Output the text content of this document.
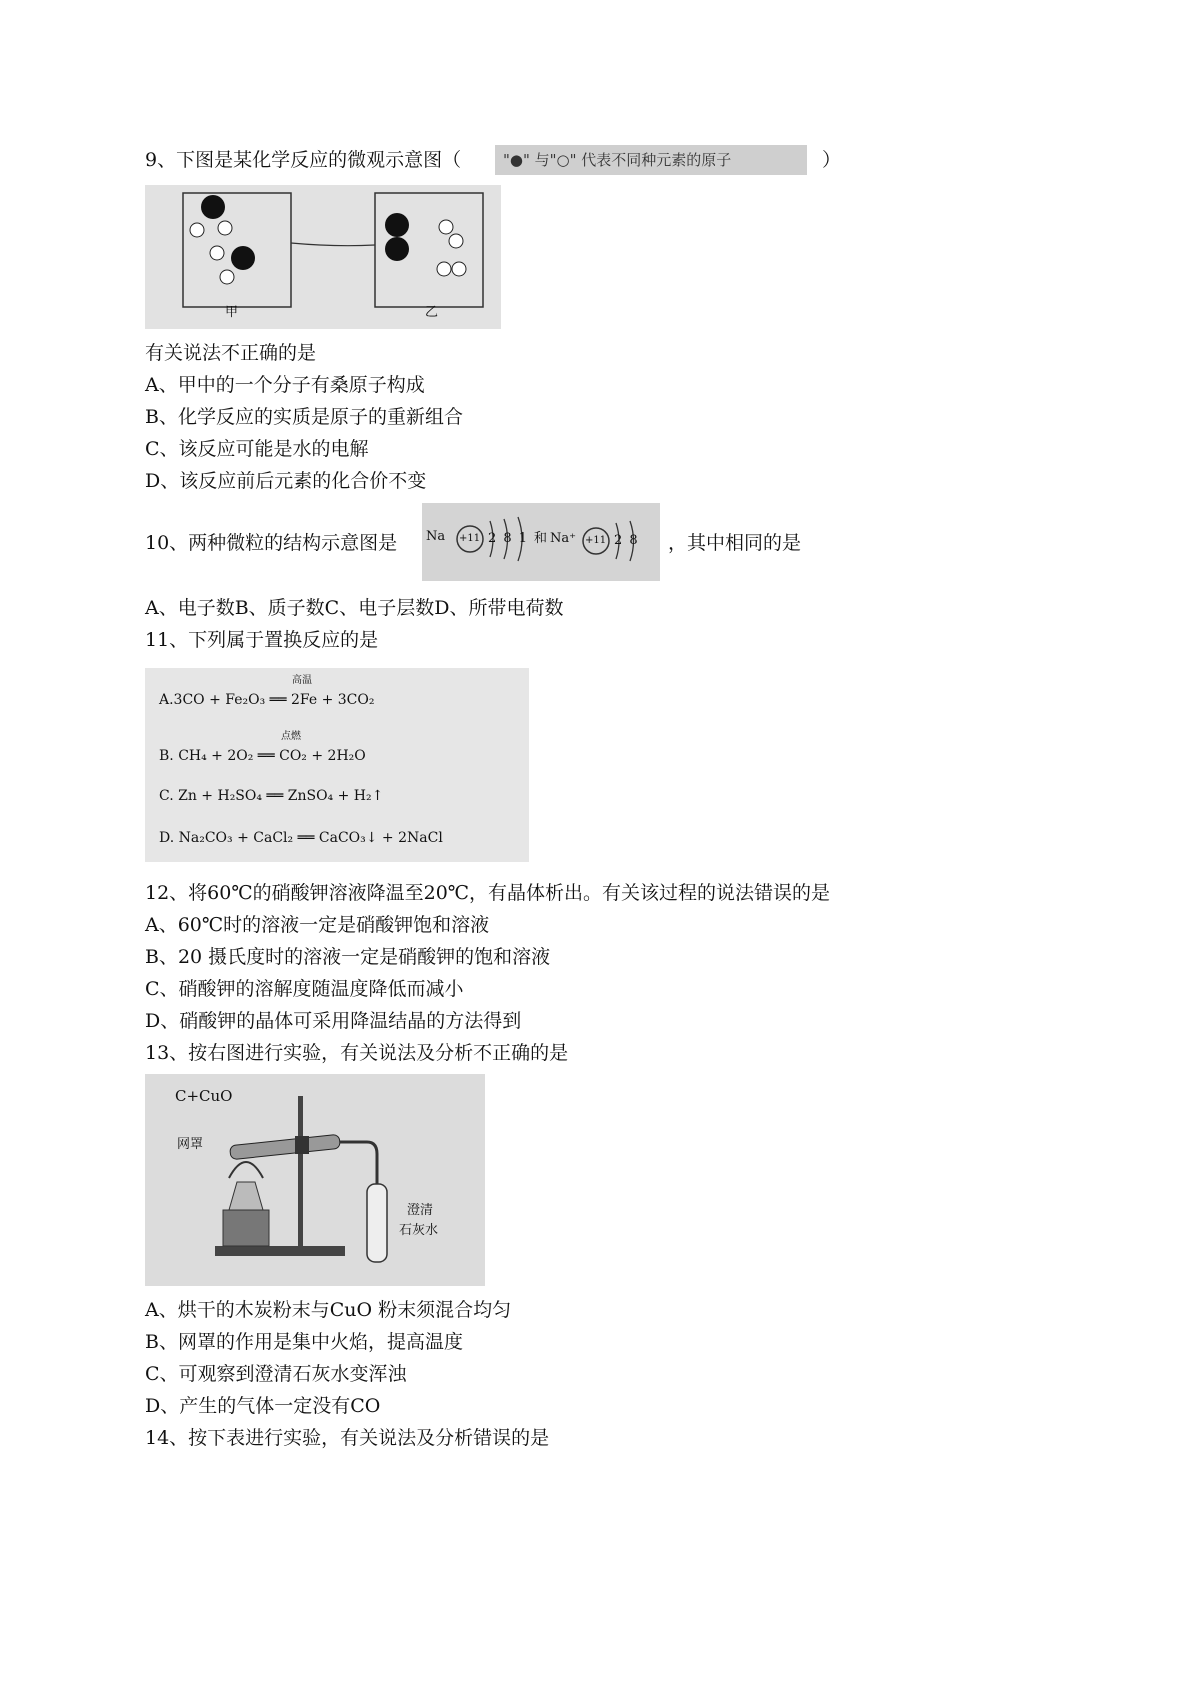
9、下图是某化学反应的微观示意图（	"●" 与"○" 代表不同种元素的原子	）
甲	乙
有关说法不正确的是
A、甲中的一个分子有桑原子构成
B、化学反应的实质是原子的重新组合
C、该反应可能是水的电解
D、该反应前后元素的化合价不变
10、两种微粒的结构示意图是 Na +11 2 8 1 和 Na⁺ +11 2 8 ，其中相同的是
A、电子数B、质子数C、电子层数D、所带电荷数
11、下列属于置换反应的是
高温
A.3CO + Fe₂O₃ ══ 2Fe + 3CO₂
点燃
B. CH₄ + 2O₂ ══ CO₂ + 2H₂O
C. Zn + H₂SO₄ ══ ZnSO₄ + H₂↑
D. Na₂CO₃ + CaCl₂ ══ CaCO₃↓ + 2NaCl
12、将60℃的硝酸钾溶液降温至20℃，有晶体析出。有关该过程的说法错误的是
A、60℃时的溶液一定是硝酸钾饱和溶液
B、20 摄氏度时的溶液一定是硝酸钾的饱和溶液
C、硝酸钾的溶解度随温度降低而减小
D、硝酸钾的晶体可采用降温结晶的方法得到
13、按右图进行实验，有关说法及分析不正确的是
C+CuO
网罩
澄清
石灰水
A、烘干的木炭粉末与CuO 粉末须混合均匀
B、网罩的作用是集中火焰，提高温度
C、可观察到澄清石灰水变浑浊
D、产生的气体一定没有CO
14、按下表进行实验，有关说法及分析错误的是
